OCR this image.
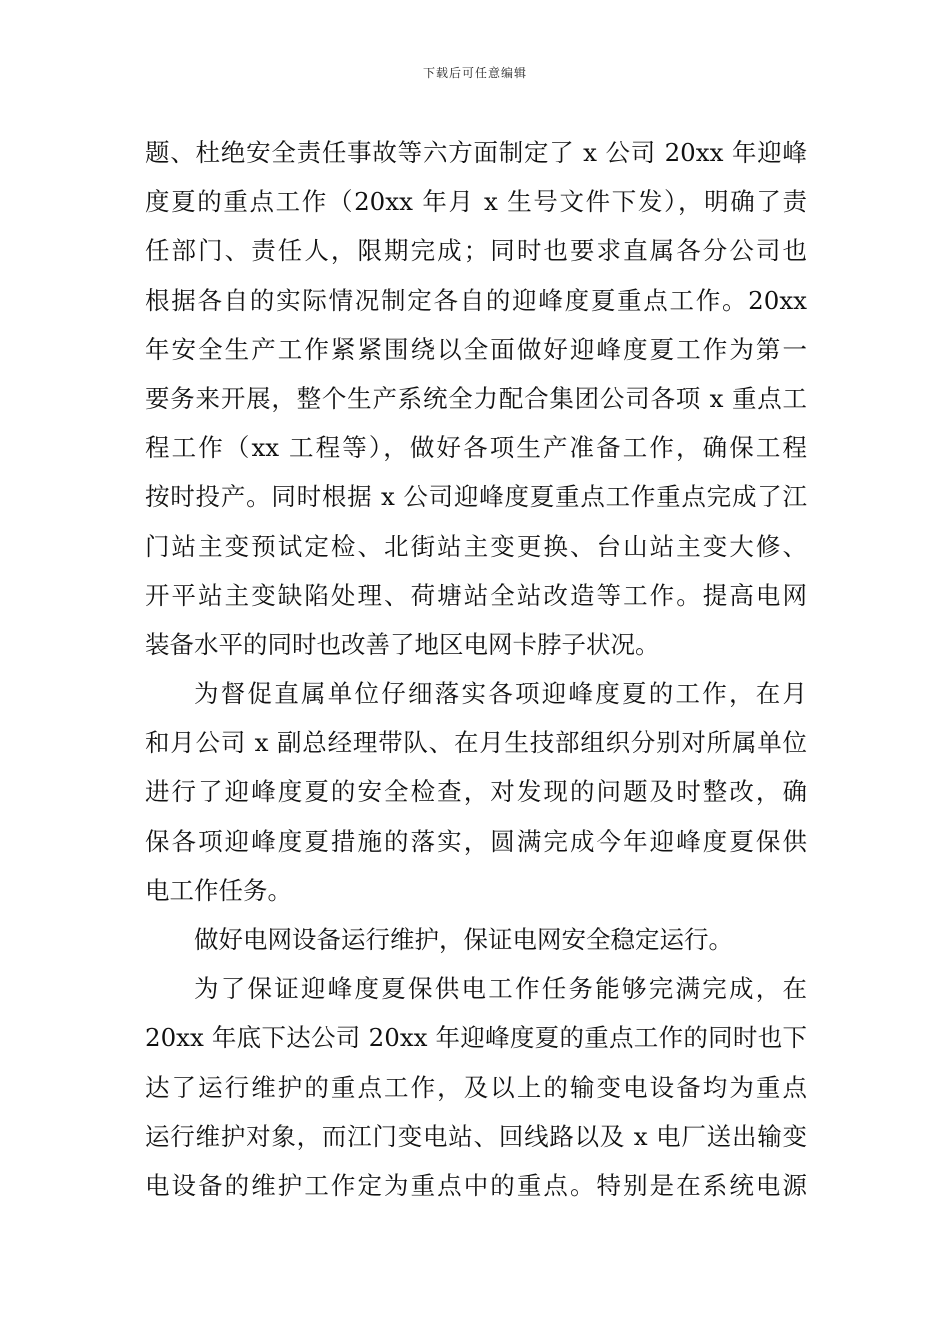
下载后可任意编辑
题、杜绝安全责任事故等六方面制定了 x 公司 20xx 年迎峰
度夏的重点工作（20xx 年月 x 生号文件下发），明确了责
任部门、责任人，限期完成；同时也要求直属各分公司也
根据各自的实际情况制定各自的迎峰度夏重点工作。20xx
年安全生产工作紧紧围绕以全面做好迎峰度夏工作为第一
要务来开展，整个生产系统全力配合集团公司各项 x 重点工
程工作（xx 工程等），做好各项生产准备工作，确保工程
按时投产。同时根据 x 公司迎峰度夏重点工作重点完成了江
门站主变预试定检、北街站主变更换、台山站主变大修、
开平站主变缺陷处理、荷塘站全站改造等工作。提高电网
装备水平的同时也改善了地区电网卡脖子状况。
为督促直属单位仔细落实各项迎峰度夏的工作，在月
和月公司 x 副总经理带队、在月生技部组织分别对所属单位
进行了迎峰度夏的安全检查，对发现的问题及时整改，确
保各项迎峰度夏措施的落实，圆满完成今年迎峰度夏保供
电工作任务。
做好电网设备运行维护，保证电网安全稳定运行。
为了保证迎峰度夏保供电工作任务能够完满完成，在
20xx 年底下达公司 20xx 年迎峰度夏的重点工作的同时也下
达了运行维护的重点工作，及以上的输变电设备均为重点
运行维护对象，而江门变电站、回线路以及 x 电厂送出输变
电设备的维护工作定为重点中的重点。特别是在系统电源
